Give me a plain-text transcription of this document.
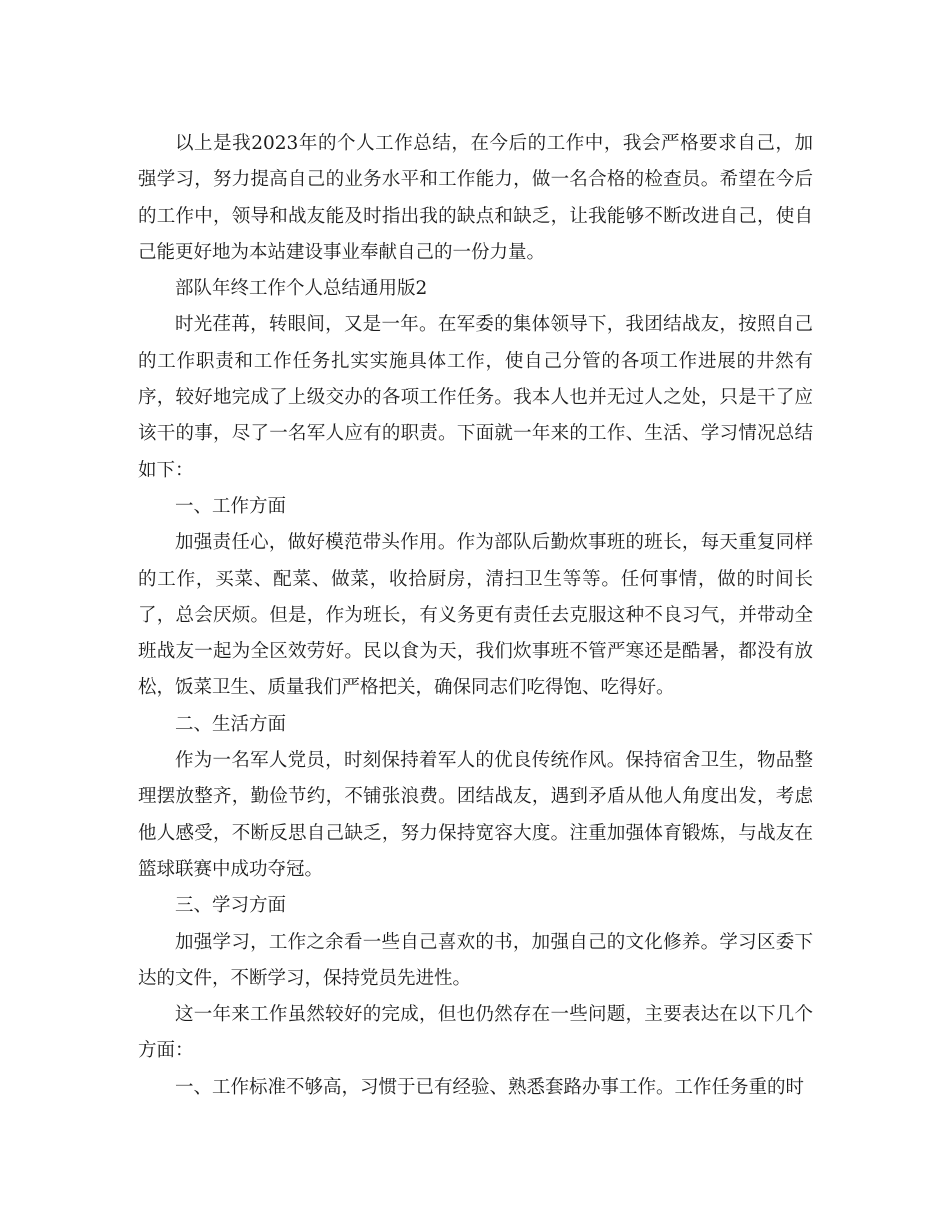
以上是我2023年的个人工作总结，在今后的工作中，我会严格要求自己，加强学习，努力提高自己的业务水平和工作能力，做一名合格的检查员。希望在今后的工作中，领导和战友能及时指出我的缺点和缺乏，让我能够不断改进自己，使自己能更好地为本站建设事业奉献自己的一份力量。

部队年终工作个人总结通用版2

时光荏苒，转眼间，又是一年。在军委的集体领导下，我团结战友，按照自己的工作职责和工作任务扎实实施具体工作，使自己分管的各项工作进展的井然有序，较好地完成了上级交办的各项工作任务。我本人也并无过人之处，只是干了应该干的事，尽了一名军人应有的职责。下面就一年来的工作、生活、学习情况总结如下：

一、工作方面

加强责任心，做好模范带头作用。作为部队后勤炊事班的班长，每天重复同样的工作，买菜、配菜、做菜，收拾厨房，清扫卫生等等。任何事情，做的时间长了，总会厌烦。但是，作为班长，有义务更有责任去克服这种不良习气，并带动全班战友一起为全区效劳好。民以食为天，我们炊事班不管严寒还是酷暑，都没有放松，饭菜卫生、质量我们严格把关，确保同志们吃得饱、吃得好。

二、生活方面

作为一名军人党员，时刻保持着军人的优良传统作风。保持宿舍卫生，物品整理摆放整齐，勤俭节约，不铺张浪费。团结战友，遇到矛盾从他人角度出发，考虑他人感受，不断反思自己缺乏，努力保持宽容大度。注重加强体育锻炼，与战友在篮球联赛中成功夺冠。

三、学习方面

加强学习，工作之余看一些自己喜欢的书，加强自己的文化修养。学习区委下达的文件，不断学习，保持党员先进性。

这一年来工作虽然较好的完成，但也仍然存在一些问题，主要表达在以下几个方面：

一、工作标准不够高，习惯于已有经验、熟悉套路办事工作。工作任务重的时
